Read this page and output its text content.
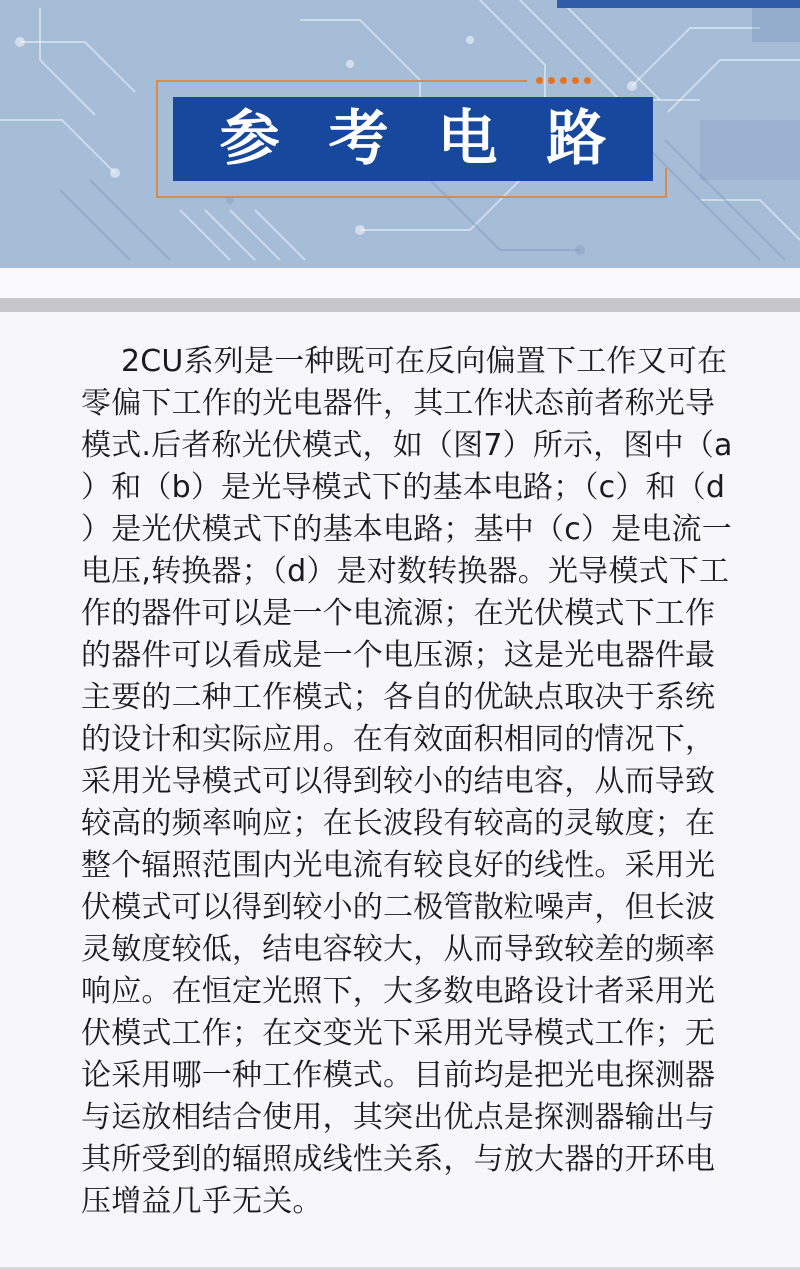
参 考 电 路
2CU系列是一种既可在反向偏置下工作又可在
零偏下工作的光电器件，其工作状态前者称光导
模式.后者称光伏模式，如（图7）所示，图中（a
）和（b）是光导模式下的基本电路；（c）和（d
）是光伏模式下的基本电路；基中（c）是电流一
电压,转换器；（d）是对数转换器。光导模式下工
作的器件可以是一个电流源；在光伏模式下工作
的器件可以看成是一个电压源；这是光电器件最
主要的二种工作模式；各自的优缺点取决于系统
的设计和实际应用。在有效面积相同的情况下，
采用光导模式可以得到较小的结电容，从而导致
较高的频率响应；在长波段有较高的灵敏度；在
整个辐照范围内光电流有较良好的线性。采用光
伏模式可以得到较小的二极管散粒噪声，但长波
灵敏度较低，结电容较大，从而导致较差的频率
响应。在恒定光照下，大多数电路设计者采用光
伏模式工作；在交变光下采用光导模式工作；无
论采用哪一种工作模式。目前均是把光电探测器
与运放相结合使用，其突出优点是探测器输出与
其所受到的辐照成线性关系，与放大器的开环电
压增益几乎无关。
